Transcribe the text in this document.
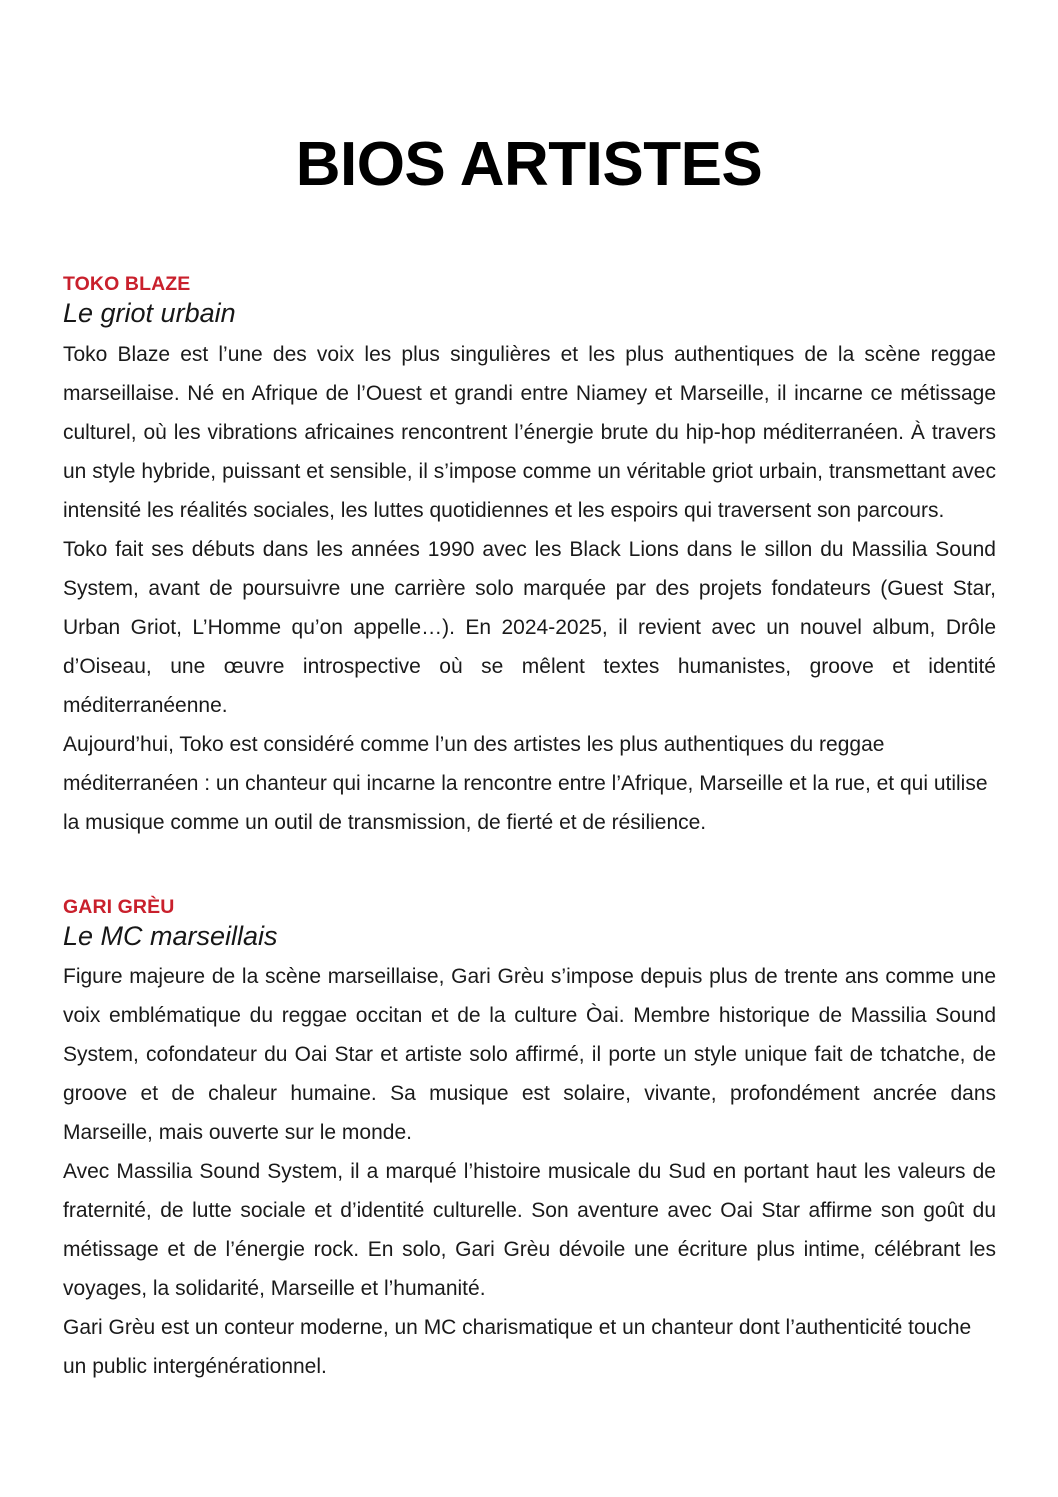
BIOS ARTISTES
TOKO BLAZE

Le griot urbain

Toko Blaze est l’une des voix les plus singulières et les plus authentiques de la scène reggae marseillaise. Né en Afrique de l’Ouest et grandi entre Niamey et Marseille, il incarne ce métissage culturel, où les vibrations africaines rencontrent l’énergie brute du hip-hop méditerranéen. À travers un style hybride, puissant et sensible, il s’impose comme un véritable griot urbain, transmettant avec intensité les réalités sociales, les luttes quotidiennes et les espoirs qui traversent son parcours.

Toko fait ses débuts dans les années 1990 avec les Black Lions dans le sillon du Massilia Sound System, avant de poursuivre une carrière solo marquée par des projets fondateurs (Guest Star, Urban Griot, L’Homme qu’on appelle…). En 2024-2025, il revient avec un nouvel album, Drôle d’Oiseau, une œuvre introspective où se mêlent textes humanistes, groove et identité méditerranéenne.

Aujourd’hui, Toko est considéré comme l’un des artistes les plus authentiques du reggae méditerranéen : un chanteur qui incarne la rencontre entre l’Afrique, Marseille et la rue, et qui utilise la musique comme un outil de transmission, de fierté et de résilience.

GARI GRÈU

Le MC marseillais

Figure majeure de la scène marseillaise, Gari Grèu s’impose depuis plus de trente ans comme une voix emblématique du reggae occitan et de la culture Òai. Membre historique de Massilia Sound System, cofondateur du Oai Star et artiste solo affirmé, il porte un style unique fait de tchatche, de groove et de chaleur humaine. Sa musique est solaire, vivante, profondément ancrée dans Marseille, mais ouverte sur le monde.

Avec Massilia Sound System, il a marqué l’histoire musicale du Sud en portant haut les valeurs de fraternité, de lutte sociale et d’identité culturelle. Son aventure avec Oai Star affirme son goût du métissage et de l’énergie rock. En solo, Gari Grèu dévoile une écriture plus intime, célébrant les voyages, la solidarité, Marseille et l’humanité.

Gari Grèu est un conteur moderne, un MC charismatique et un chanteur dont l’authenticité touche un public intergénérationnel.
